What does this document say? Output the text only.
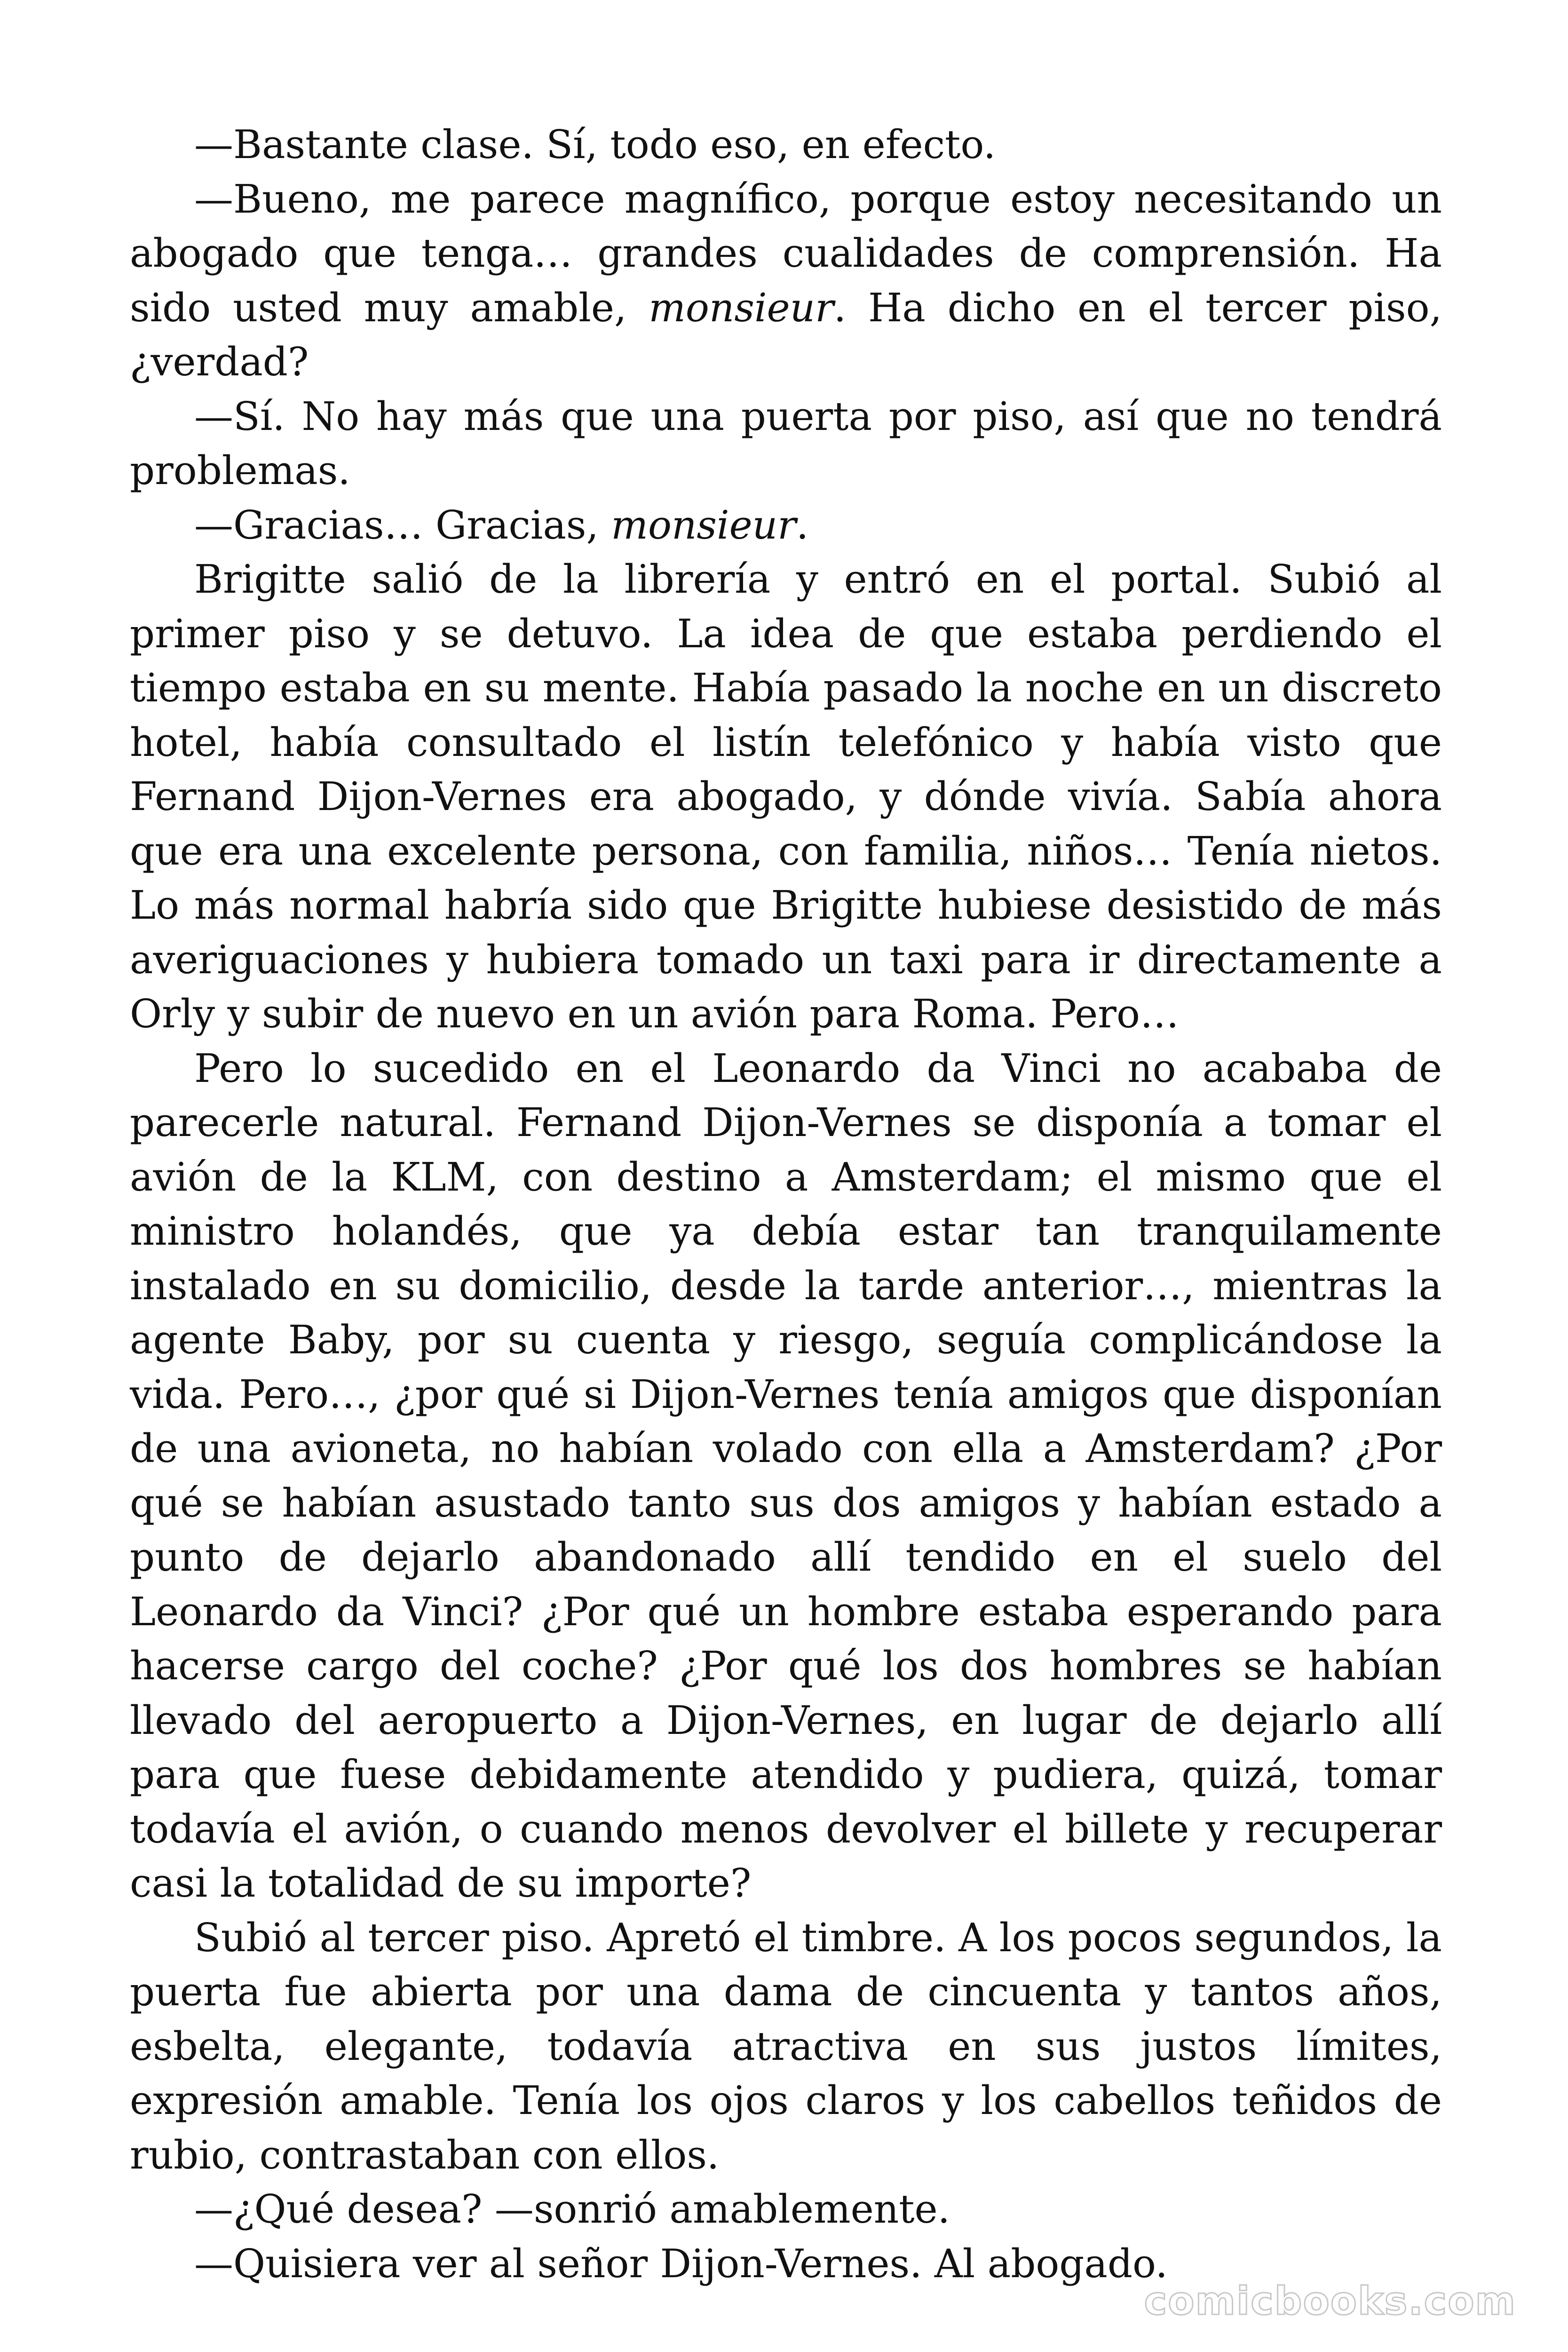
—Bastante clase. Sí, todo eso, en efecto.

—Bueno, me parece magnífico, porque estoy necesitando un abogado que tenga… grandes cualidades de comprensión. Ha sido usted muy amable, monsieur. Ha dicho en el tercer piso, ¿verdad?

—Sí. No hay más que una puerta por piso, así que no tendrá problemas.

—Gracias… Gracias, monsieur.

Brigitte salió de la librería y entró en el portal. Subió al primer piso y se detuvo. La idea de que estaba perdiendo el tiempo estaba en su mente. Había pasado la noche en un discreto hotel, había consultado el listín telefónico y había visto que Fernand Dijon-Vernes era abogado, y dónde vivía. Sabía ahora que era una excelente persona, con familia, niños… Tenía nietos. Lo más normal habría sido que Brigitte hubiese desistido de más averiguaciones y hubiera tomado un taxi para ir directamente a Orly y subir de nuevo en un avión para Roma. Pero…

Pero lo sucedido en el Leonardo da Vinci no acababa de parecerle natural. Fernand Dijon-Vernes se disponía a tomar el avión de la KLM, con destino a Amsterdam; el mismo que el ministro holandés, que ya debía estar tan tranquilamente instalado en su domicilio, desde la tarde anterior…, mientras la agente Baby, por su cuenta y riesgo, seguía complicándose la vida. Pero…, ¿por qué si Dijon-Vernes tenía amigos que disponían de una avioneta, no habían volado con ella a Amsterdam? ¿Por qué se habían asustado tanto sus dos amigos y habían estado a punto de dejarlo abandonado allí tendido en el suelo del Leonardo da Vinci? ¿Por qué un hombre estaba esperando para hacerse cargo del coche? ¿Por qué los dos hombres se habían llevado del aeropuerto a Dijon-Vernes, en lugar de dejarlo allí para que fuese debidamente atendido y pudiera, quizá, tomar todavía el avión, o cuando menos devolver el billete y recuperar casi la totalidad de su importe?

Subió al tercer piso. Apretó el timbre. A los pocos segundos, la puerta fue abierta por una dama de cincuenta y tantos años, esbelta, elegante, todavía atractiva en sus justos límites, expresión amable. Tenía los ojos claros y los cabellos teñidos de rubio, contrastaban con ellos.

—¿Qué desea? —sonrió amablemente.

—Quisiera ver al señor Dijon-Vernes. Al abogado.

comicbooks.com
